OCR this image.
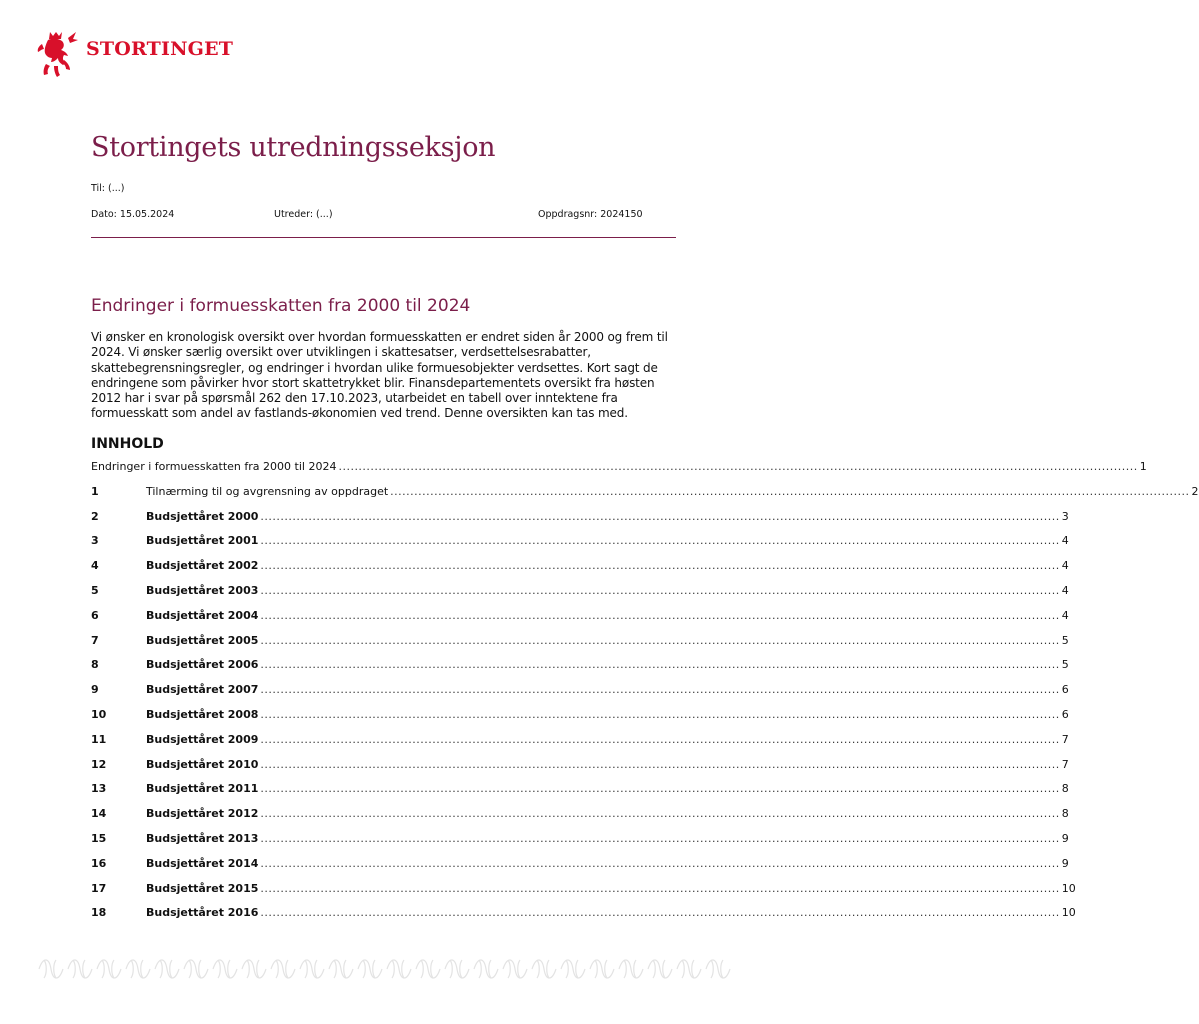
STORTINGET
Stortingets utredningsseksjon
Til: (...)
Dato: 15.05.2024	Utreder: (...)	Oppdragsnr: 2024150
Endringer i formuesskatten fra 2000 til 2024

Vi ønsker en kronologisk oversikt over hvordan formuesskatten er endret siden år 2000 og frem til 2024. Vi ønsker særlig oversikt over utviklingen i skattesatser, verdsettelsesrabatter, skattebegrensningsregler, og endringer i hvordan ulike formuesobjekter verdsettes. Kort sagt de endringene som påvirker hvor stort skattetrykket blir. Finansdepartementets oversikt fra høsten 2012 har i svar på spørsmål 262 den 17.10.2023, utarbeidet en tabell over inntektene fra formuesskatt som andel av fastlands-økonomien ved trend. Denne oversikten kan tas med.

INNHOLD
Endringer i formuesskatten fra 2000 til 2024 ........................................................................................................................................................................................................ 1
1	Tilnærming til og avgrensning av oppdraget ........................................................................................................................................................................................................ 2
2	Budsjettåret 2000 ........................................................................................................................................................................................................ 3
3	Budsjettåret 2001 ........................................................................................................................................................................................................ 4
4	Budsjettåret 2002 ........................................................................................................................................................................................................ 4
5	Budsjettåret 2003 ........................................................................................................................................................................................................ 4
6	Budsjettåret 2004 ........................................................................................................................................................................................................ 4
7	Budsjettåret 2005 ........................................................................................................................................................................................................ 5
8	Budsjettåret 2006 ........................................................................................................................................................................................................ 5
9	Budsjettåret 2007 ........................................................................................................................................................................................................ 6
10	Budsjettåret 2008 ........................................................................................................................................................................................................ 6
11	Budsjettåret 2009 ........................................................................................................................................................................................................ 7
12	Budsjettåret 2010 ........................................................................................................................................................................................................ 7
13	Budsjettåret 2011 ........................................................................................................................................................................................................ 8
14	Budsjettåret 2012 ........................................................................................................................................................................................................ 8
15	Budsjettåret 2013 ........................................................................................................................................................................................................ 9
16	Budsjettåret 2014 ........................................................................................................................................................................................................ 9
17	Budsjettåret 2015 ........................................................................................................................................................................................................ 10
18	Budsjettåret 2016 ........................................................................................................................................................................................................ 10
